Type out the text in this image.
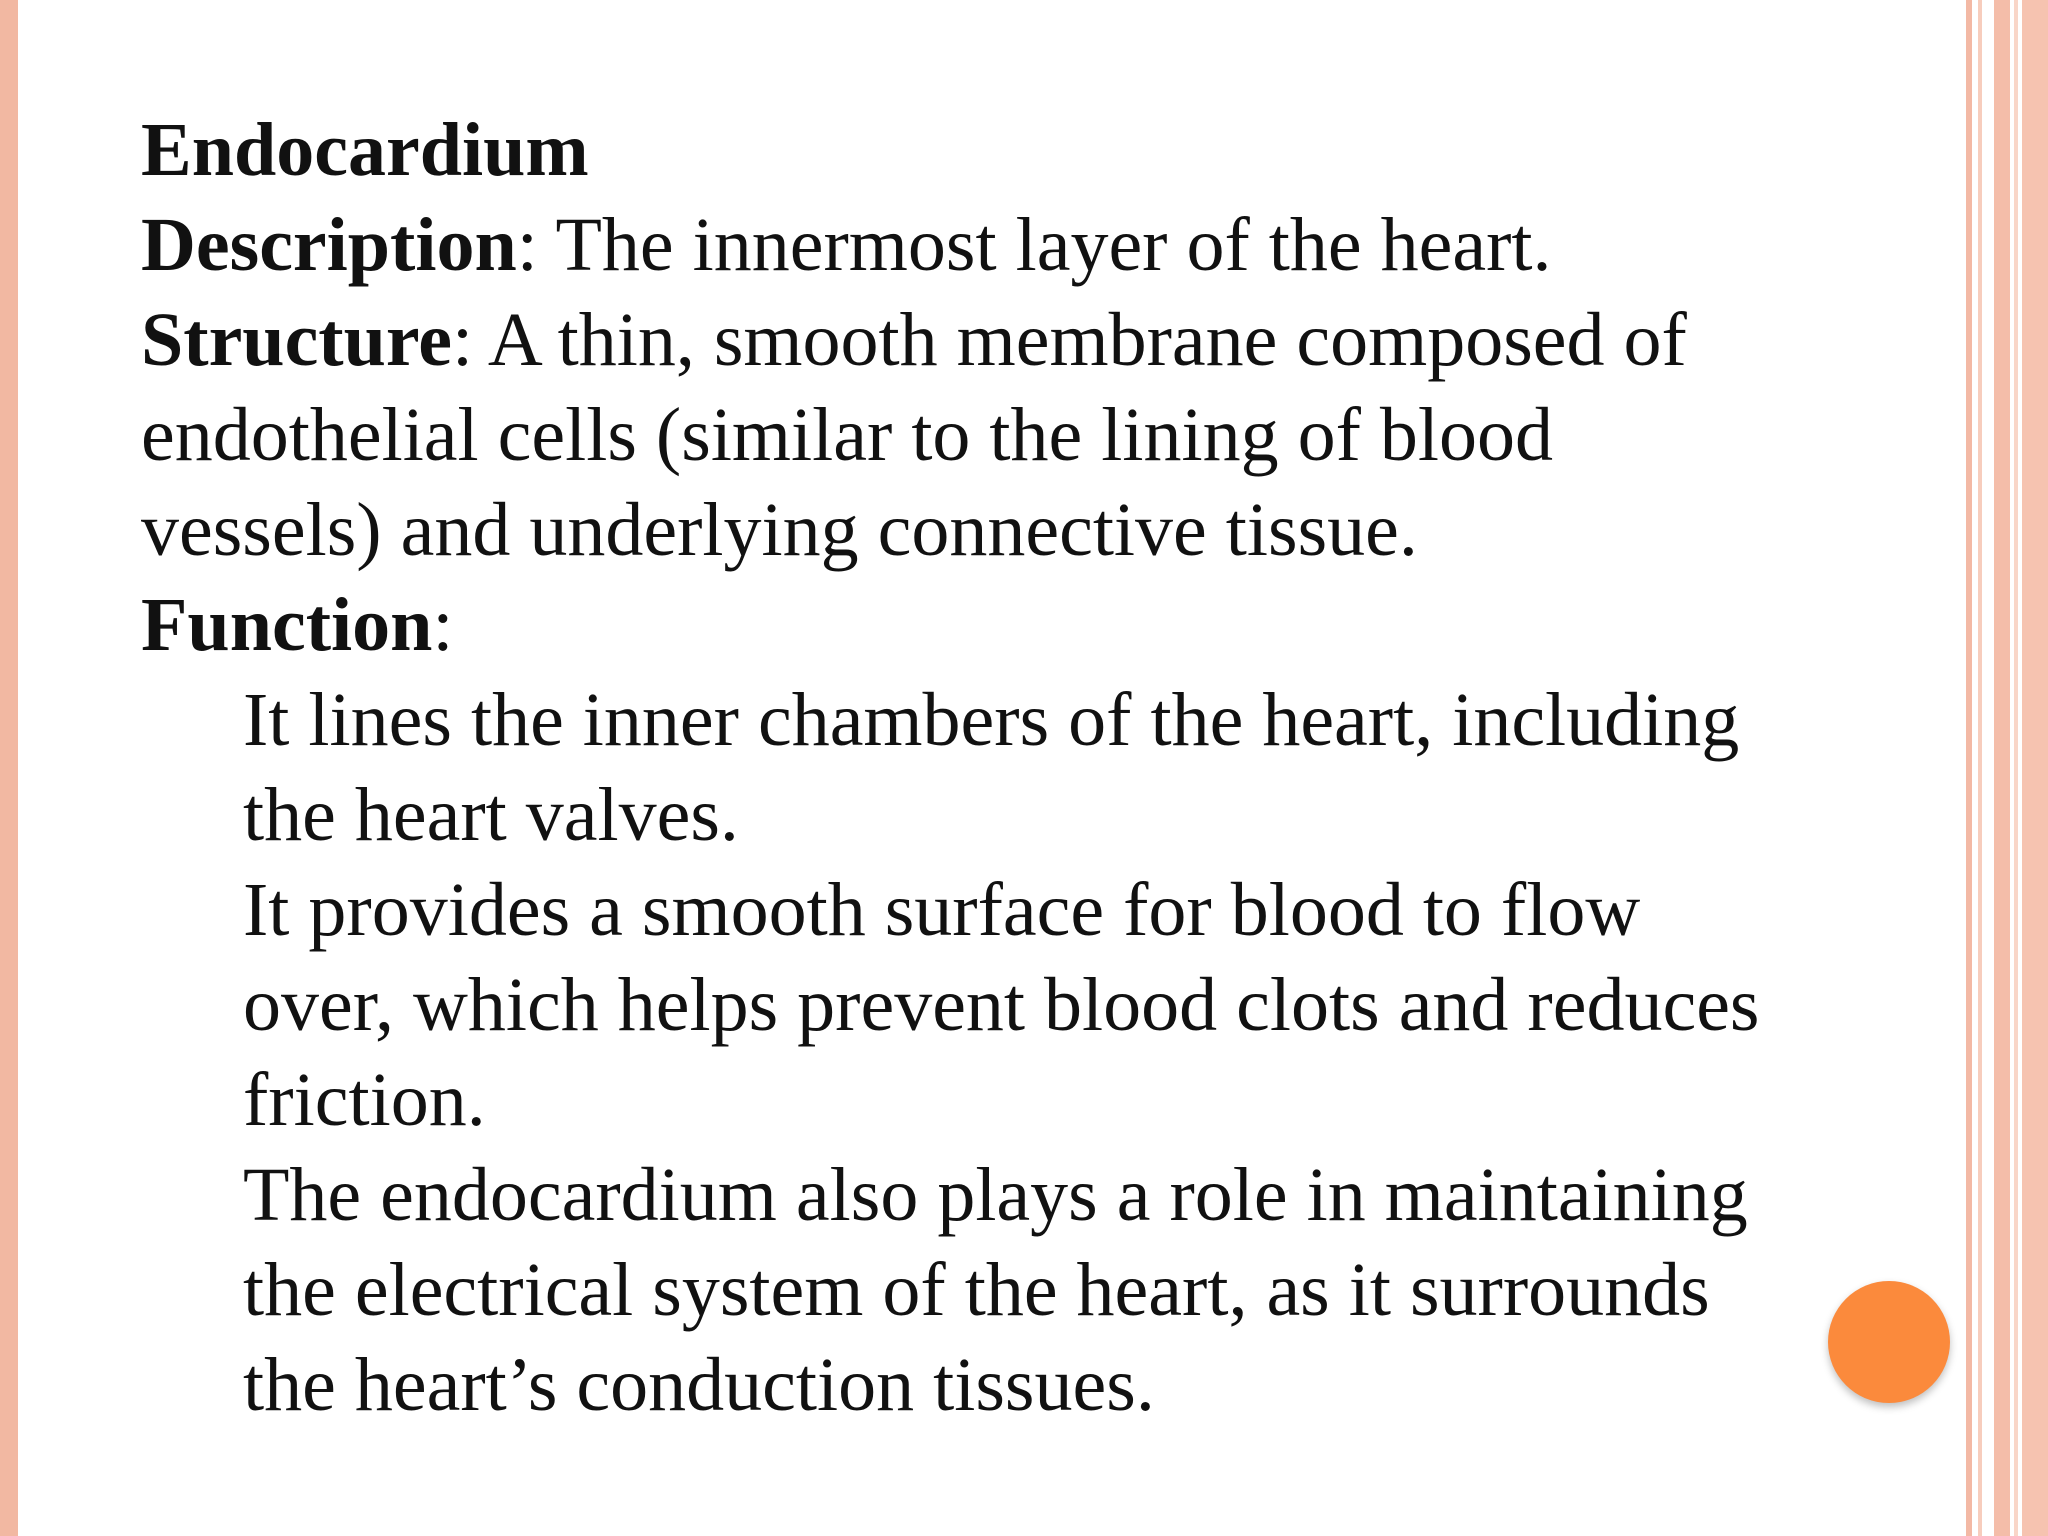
Endocardium
Description: The innermost layer of the heart.
Structure: A thin, smooth membrane composed of
endothelial cells (similar to the lining of blood
vessels) and underlying connective tissue.
Function:
It lines the inner chambers of the heart, including
the heart valves.
It provides a smooth surface for blood to flow
over, which helps prevent blood clots and reduces
friction.
The endocardium also plays a role in maintaining
the electrical system of the heart, as it surrounds
the heart’s conduction tissues.
